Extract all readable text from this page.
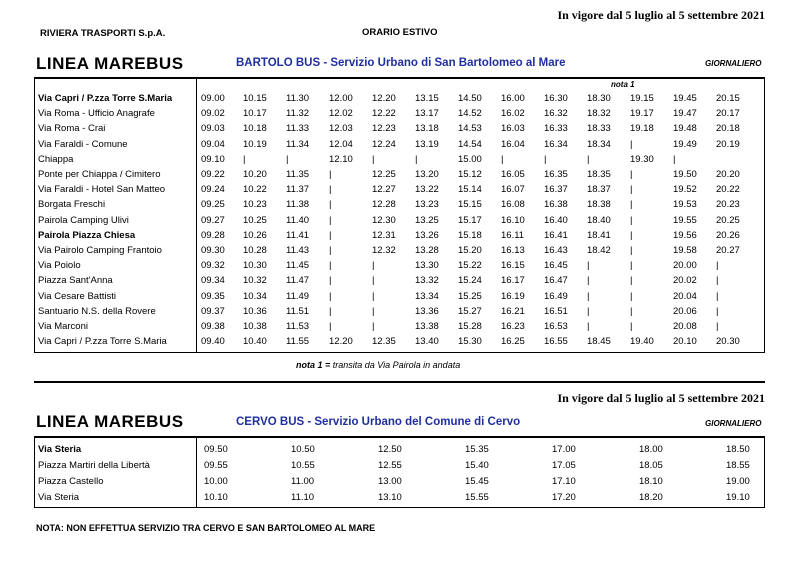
RIVIERA TRASPORTI S.p.A.	ORARIO ESTIVO
In vigore dal 5 luglio al 5 settembre 2021
LINEA MAREBUS	BARTOLO BUS - Servizio Urbano di San Bartolomeo al Mare	GIORNALIERO
nota 1
Via Capri / P.zza Torre S.Maria	09.00	10.15	11.30	12.00	12.20	13.15	14.50	16.00	16.30	18.30	19.15	19.45	20.15
Via Roma - Ufficio Anagrafe	09.02	10.17	11.32	12.02	12.22	13.17	14.52	16.02	16.32	18.32	19.17	19.47	20.17
Via Roma - Crai	09.03	10.18	11.33	12.03	12.23	13.18	14.53	16.03	16.33	18.33	19.18	19.48	20.18
Via Faraldi - Comune	09.04	10.19	11.34	12.04	12.24	13.19	14.54	16.04	16.34	18.34	|	19.49	20.19
Chiappa	09.10	|	|	12.10	|	|	15.00	|	|	|	19.30	|	
Ponte per Chiappa / Cimitero	09.22	10.20	11.35	|	12.25	13.20	15.12	16.05	16.35	18.35	|	19.50	20.20
Via Faraldi - Hotel San Matteo	09.24	10.22	11.37	|	12.27	13.22	15.14	16.07	16.37	18.37	|	19.52	20.22
Borgata Freschi	09.25	10.23	11.38	|	12.28	13.23	15.15	16.08	16.38	18.38	|	19.53	20.23
Pairola Camping Ulivi	09.27	10.25	11.40	|	12.30	13.25	15.17	16.10	16.40	18.40	|	19.55	20.25
Pairola Piazza Chiesa	09.28	10.26	11.41	|	12.31	13.26	15.18	16.11	16.41	18.41	|	19.56	20.26
Via Pairolo Camping Frantoio	09.30	10.28	11.43	|	12.32	13.28	15.20	16.13	16.43	18.42	|	19.58	20.27
Via Poiolo	09.32	10.30	11.45	|	|	13.30	15.22	16.15	16.45	|	|	20.00	|
Piazza Sant'Anna	09.34	10.32	11.47	|	|	13.32	15.24	16.17	16.47	|	|	20.02	|
Via Cesare Battisti	09.35	10.34	11.49	|	|	13.34	15.25	16.19	16.49	|	|	20.04	|
Santuario N.S. della Rovere	09.37	10.36	11.51	|	|	13.36	15.27	16.21	16.51	|	|	20.06	|
Via Marconi	09.38	10.38	11.53	|	|	13.38	15.28	16.23	16.53	|	|	20.08	|
Via Capri / P.zza Torre S.Maria	09.40	10.40	11.55	12.20	12.35	13.40	15.30	16.25	16.55	18.45	19.40	20.10	20.30
nota 1 = transita da Via Pairola in andata
In vigore dal 5 luglio al 5 settembre 2021
LINEA MAREBUS	CERVO BUS - Servizio Urbano del Comune di Cervo	GIORNALIERO
Via Steria	09.50	10.50	12.50	15.35	17.00	18.00	18.50
Piazza Martiri della Libertà	09.55	10.55	12.55	15.40	17.05	18.05	18.55
Piazza Castello	10.00	11.00	13.00	15.45	17.10	18.10	19.00
Via Steria	10.10	11.10	13.10	15.55	17.20	18.20	19.10
NOTA: NON EFFETTUA SERVIZIO TRA CERVO E SAN BARTOLOMEO AL MARE
